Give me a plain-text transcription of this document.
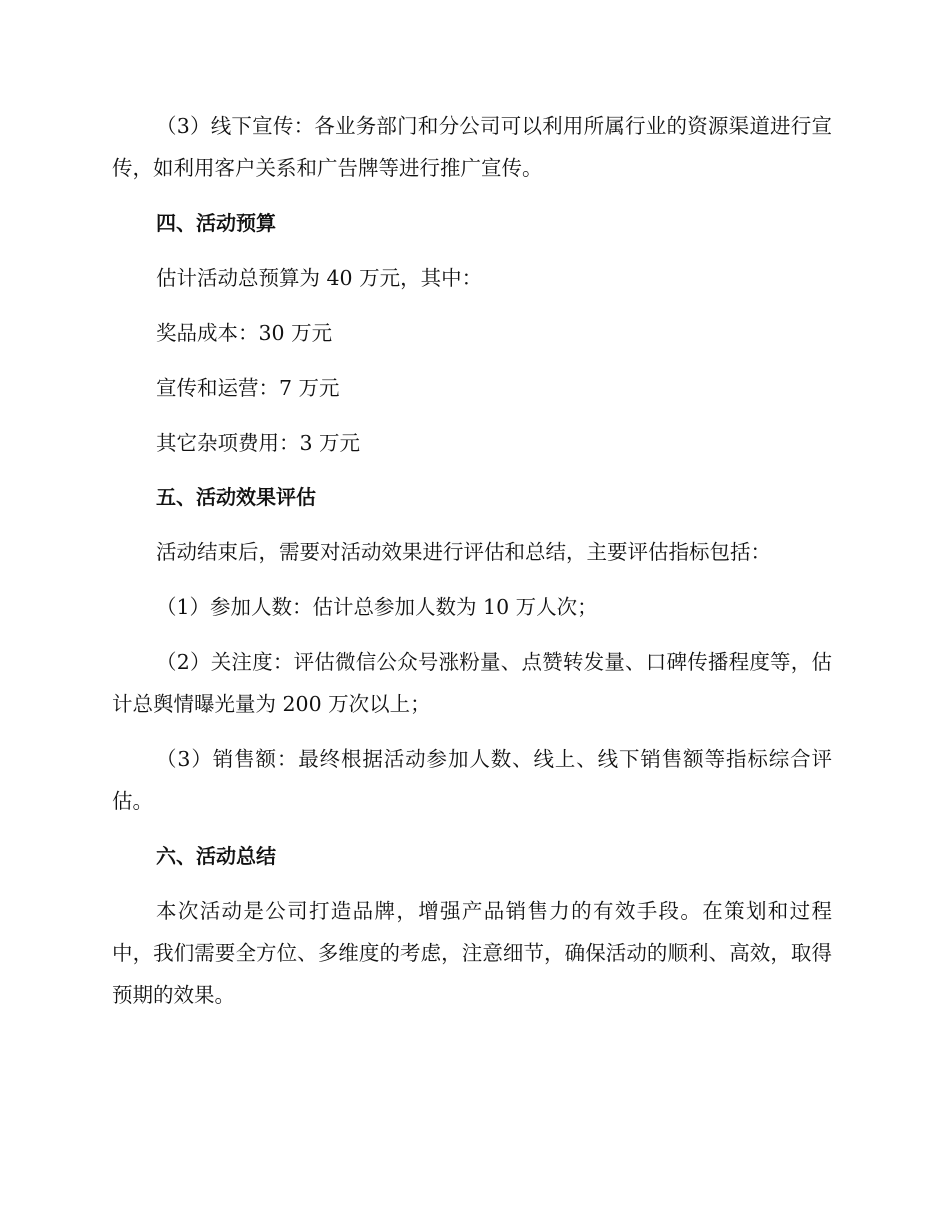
（3）线下宣传：各业务部门和分公司可以利用所属行业的资源渠道进行宣传，如利用客户关系和广告牌等进行推广宣传。

四、活动预算

估计活动总预算为 40 万元，其中：

奖品成本：30 万元

宣传和运营：7 万元

其它杂项费用：3 万元

五、活动效果评估

活动结束后，需要对活动效果进行评估和总结，主要评估指标包括：

（1）参加人数：估计总参加人数为 10 万人次；

（2）关注度：评估微信公众号涨粉量、点赞转发量、口碑传播程度等，估计总舆情曝光量为 200 万次以上；

（3）销售额：最终根据活动参加人数、线上、线下销售额等指标综合评估。

六、活动总结

本次活动是公司打造品牌，增强产品销售力的有效手段。在策划和过程中，我们需要全方位、多维度的考虑，注意细节，确保活动的顺利、高效，取得预期的效果。
